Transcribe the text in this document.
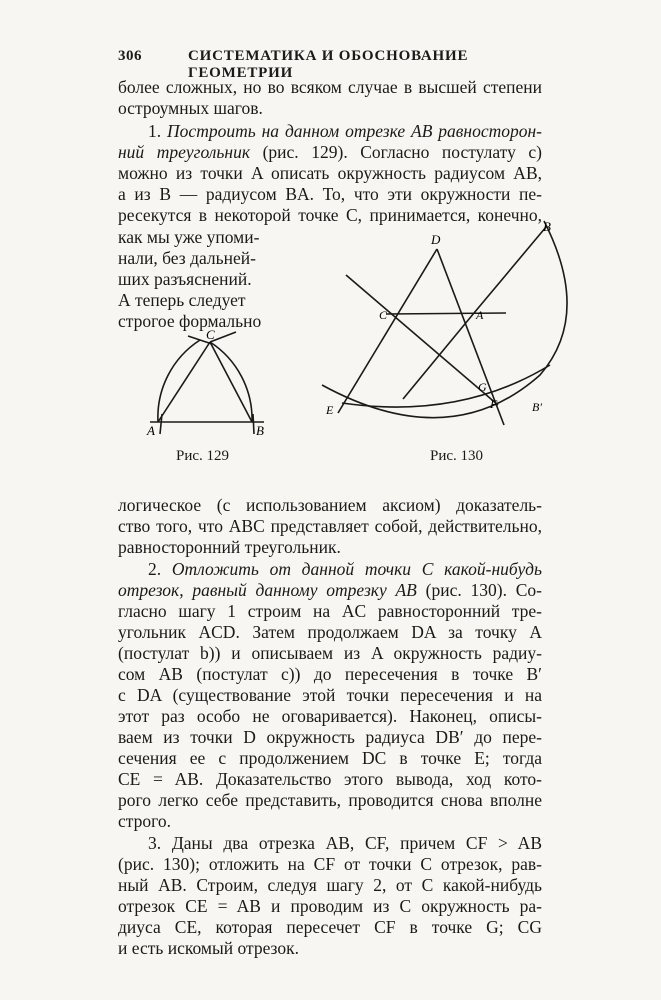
306	СИСТЕМАТИКА И ОБОСНОВАНИЕ ГЕОМЕТРИИ
более сложных, но во всяком случае в высшей степени
остроумных шагов.
1. Построить на данном отрезке AB равносторон-
ний треугольник (рис. 129). Согласно постулату с)
можно из точки A описать окружность радиусом AB,
а из B — радиусом BA. То, что эти окружности пе-
ресекутся в некоторой точке C, принимается, конечно,
как мы уже упоми-
нали, без дальней-
ших разъяснений.
А теперь следует
строгое формально
C
A	B
Рис. 129
D
B
C	A
E
G
F	B′
Рис. 130
логическое (с использованием аксиом) доказатель-
ство того, что ABC представляет собой, действительно,
равносторонний треугольник.
2. Отложить от данной точки C какой-нибудь
отрезок, равный данному отрезку AB (рис. 130). Со-
гласно шагу 1 строим на AC равносторонний тре-
угольник ACD. Затем продолжаем DA за точку A
(постулат b)) и описываем из A окружность радиу-
сом AB (постулат с)) до пересечения в точке B′
с DA (существование этой точки пересечения и на
этот раз особо не оговаривается). Наконец, описы-
ваем из точки D окружность радиуса DB′ до пере-
сечения ее с продолжением DC в точке E; тогда
CE = AB. Доказательство этого вывода, ход кото-
рого легко себе представить, проводится снова вполне
строго.
3. Даны два отрезка AB, CF, причем CF > AB
(рис. 130); отложить на CF от точки C отрезок, рав-
ный AB. Строим, следуя шагу 2, от C какой-нибудь
отрезок CE = AB и проводим из C окружность ра-
диуса CE, которая пересечет CF в точке G; CG
и есть искомый отрезок.
